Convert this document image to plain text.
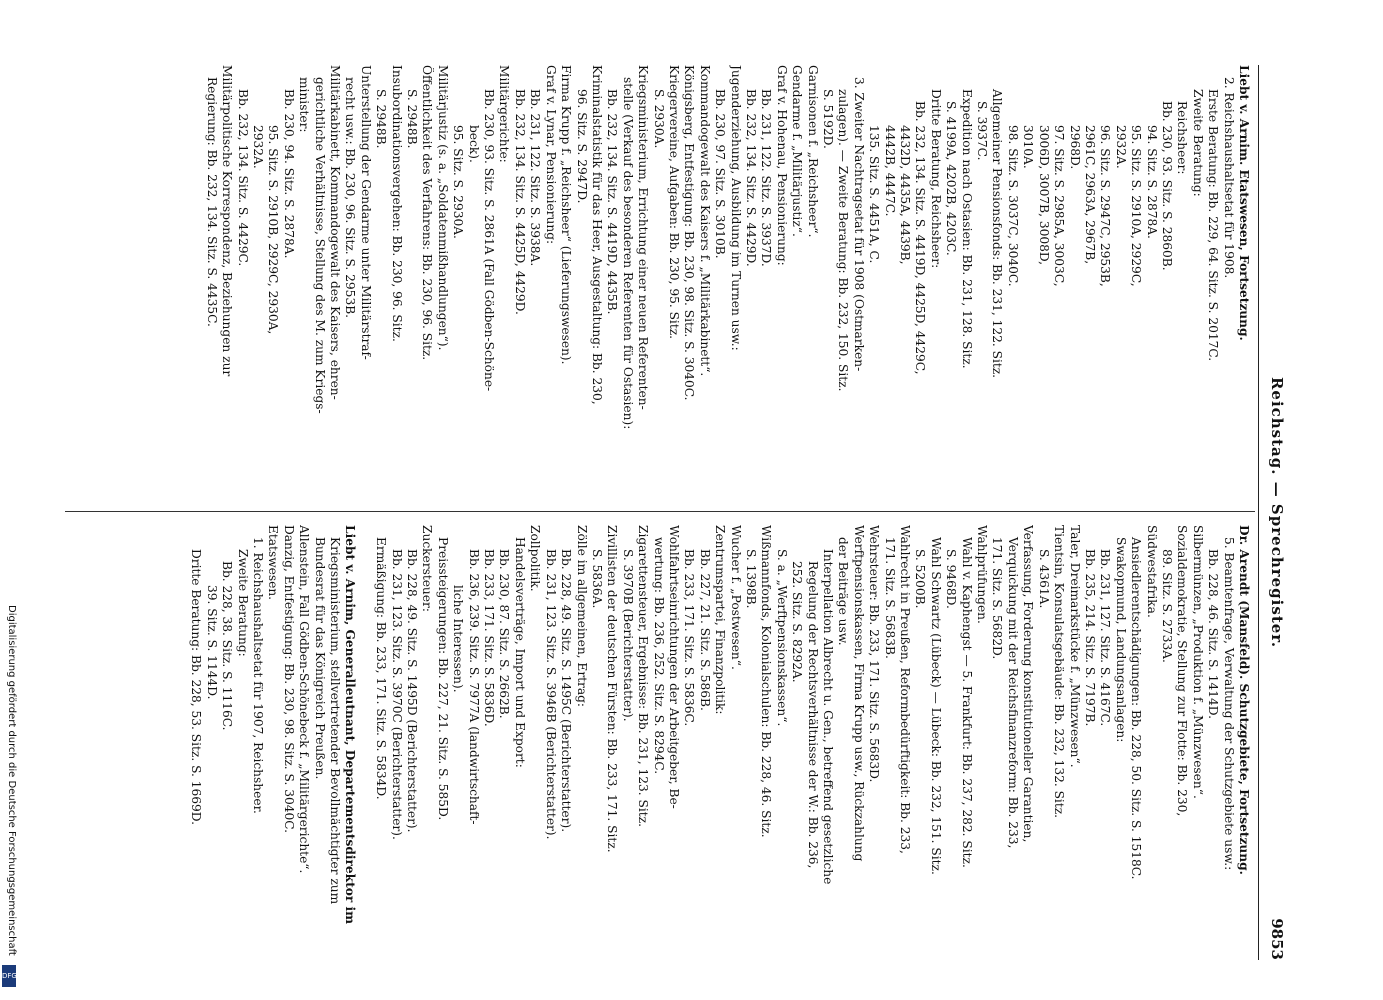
Reichstag. — Sprechregister.
9853
Liebt v. Arnim. Etatswesen, Fortsetzung.
2. Reichshaushaltsetat für 1908.
Erste Beratung: Bb. 229, 64. Sitz. S. 2017C.
Zweite Beratung:
Reichsheer:
Bb. 230, 93. Sitz. S. 2860B.
94. Sitz. S. 2878A.
95. Sitz. S. 2910A, 2929C,
2932A.
96. Sitz. S. 2947C, 2953B,
2961C, 2963A, 2967B,
2968D.
97. Sitz. S. 2985A, 3003C,
3006D, 3007B, 3008D,
3010A.
98. Sitz. S. 3037C, 3040C.
Allgemeiner Pensionsfonds: Bb. 231, 122. Sitz.
S. 3937C.
Expedition nach Ostasien: Bb. 231, 128. Sitz.
S. 4199A, 4202B, 4203C.
Dritte Beratung, Reichsheer:
Bb. 232, 134. Sitz. S. 4419D, 4425D, 4429C,
4432D, 4435A, 4439B,
4442B, 4447C.
135. Sitz. S. 4451A, C.
3. Zweiter Nachtragsetat für 1908 (Ostmarken-
zulagen). — Zweite Beratung: Bb. 232, 150. Sitz.
S. 5192D.
Garnisonen f. „Reichsheer“.
Gendarme f. „Militärjustiz“.
Graf v. Hohenau, Pensionierung:
Bb. 231, 122. Sitz. S. 3937D.
Bb. 232, 134. Sitz. S. 4429D.
Jugenderziehung, Ausbildung im Turnen usw.:
Bb. 230, 97. Sitz. S. 3010B.
Kommandogewalt des Kaisers f. „Militärkabinett“.
Königsberg, Entfestigung: Bb. 230, 98. Sitz. S. 3040C.
Kriegervereine, Aufgaben: Bb. 230, 95. Sitz.
S. 2930A.
Kriegsministerium, Errichtung einer neuen Referenten-
stelle (Verkauf des besonderen Referenten für Ostasien):
Bb. 232, 134. Sitz. S. 4419D, 4435B.
Kriminalstatistik für das Heer, Ausgestaltung: Bb. 230,
96. Sitz. S. 2947D.
Firma Krupp f. „Reichsheer“ (Lieferungswesen).
Graf v. Lynar, Pensionierung:
Bb. 231, 122. Sitz. S. 3938A.
Bb. 232, 134. Sitz. S. 4425D, 4429D.
Militärgerichte:
Bb. 230, 93. Sitz. S. 2861A (Fall Gödben-Schöne-
beck).
95. Sitz. S. 2930A.
Militärjustiz (s. a. „Soldatenmißhandlungen“).
Öffentlichkeit des Verfahrens: Bb. 230, 96. Sitz.
S. 2948B.
Insubordinationsvergehen: Bb. 230, 96. Sitz.
S. 2948B.
Unterstellung der Gendarme unter Militärstraf-
recht usw.: Bb. 230, 96. Sitz. S. 2953B.
Militärkabinett, Kommandogewalt des Kaisers, ehren-
gerichtliche Verhältnisse, Stellung des M. zum Kriegs-
minister:
Bb. 230, 94. Sitz. S. 2878A.
95. Sitz. S. 2910B, 2929C, 2930A,
2932A.
Bb. 232, 134. Sitz. S. 4429C.
Militärpolitische Korrespondenz, Beziehungen zur
Regierung: Bb. 232, 134. Sitz. S. 4435C.
Dr. Arendt (Mansfeld). Schutzgebiete, Fortsetzung.
5. Beamtenfrage, Verwaltung der Schutzgebiete usw.:
Bb. 228, 46. Sitz. S. 1414D.
Silbermünzen, „Produktion f. „Münzwesen“.
Sozialdemokratie, Stellung zur Flotte: Bb. 230,
89. Sitz. S. 2733A.
Südwestafrika.
Ansiedlerentschädigungen: Bb. 228, 50. Sitz. S. 1518C.
Swakopmund, Landungsanlagen:
Bb. 231, 127. Sitz. S. 4167C.
Bb. 235, 214. Sitz. S. 7197B.
Taler, Dreimarkstücke f. „Münzwesen“.
Tientsin, Konsulatsgebäude: Bb. 232, 132. Sitz.
S. 4361A.
Verfassung, Forderung konstitutioneller Garantien,
Verquickung mit der Reichsfinanzreform: Bb. 233,
171. Sitz. S. 5682D.
Wahlprüfungen.
Wahl v. Kaphengst — 5. Frankfurt: Bb. 237, 282. Sitz.
S. 9468D.
Wahl Schwartz (Lübeck) — Lübeck: Bb. 232, 151. Sitz.
S. 5200B.
Wahlrecht in Preußen, Reformbedürftigkeit: Bb. 233,
171. Sitz. S. 5683B.
Wehrsteuer: Bb. 233, 171. Sitz. S. 5683D.
Werftpensionskassen, Firma Krupp usw., Rückzahlung
der Beiträge usw.
Interpellation Albrecht u. Gen., betreffend gesetzliche
Regelung der Rechtsverhältnisse der W.: Bb. 236,
252. Sitz. S. 8292A.
S. a. „Werftpensionskassen“.
Wißmannfonds, Kolonialschulen: Bb. 228, 46. Sitz.
S. 1398B.
Wucher f. „Postwesen“.
Zentrumspartei, Finanzpolitik:
Bb. 227, 21. Sitz. S. 586B.
Bb. 233, 171. Sitz. S. 5836C.
Wohlfahrtseinrichtungen der Arbeitgeber, Be-
wertung: Bb. 236, 252. Sitz. S. 8294C.
Zigarettensteuer, Ergebnisse: Bb. 231, 123. Sitz.
S. 3970B (Berichterstatter).
Zivillisten der deutschen Fürsten: Bb. 233, 171. Sitz.
S. 5836A.
Zölle im allgemeinen, Ertrag:
Bb. 228, 49. Sitz. S. 1495C (Berichterstatter).
Bb. 231, 123. Sitz. S. 3946B (Berichterstatter).
Zollpolitik.
Handelsverträge, Import und Export:
Bb. 230, 87. Sitz. S. 2662B.
Bb. 233, 171. Sitz. S. 5836D.
Bb. 236, 239. Sitz. S. 7977A (landwirtschaft-
liche Interessen).
Preissteigerungen: Bb. 227, 21. Sitz. S. 585D.
Zuckersteuer:
Bb. 228, 49. Sitz. S. 1495D (Berichterstatter).
Bb. 231, 123. Sitz. S. 3970C (Berichterstatter).
Ermäßigung: Bb. 233, 171. Sitz. S. 5834D.

Liebt v. Arnim, Generalleutnant, Departementsdirektor im
Kriegsministerium, stellvertretender Bevollmächtigter zum
Bundesrat für das Königreich Preußen.
Allenstein, Fall Gödben-Schönebeck f. „Militärgerichte“.
Danzig, Entfestigung: Bb. 230, 98. Sitz. S. 3040C.
Etatswesen.
1. Reichshaushaltsetat für 1907, Reichsheer.
Zweite Beratung:
Bb. 228, 38. Sitz. S. 1116C.
39. Sitz. S. 1144D.
Dritte Beratung: Bb. 228, 53. Sitz. S. 1669D.
Digitalisierung gefördert durch die Deutsche Forschungsgemeinschaft
DFG
